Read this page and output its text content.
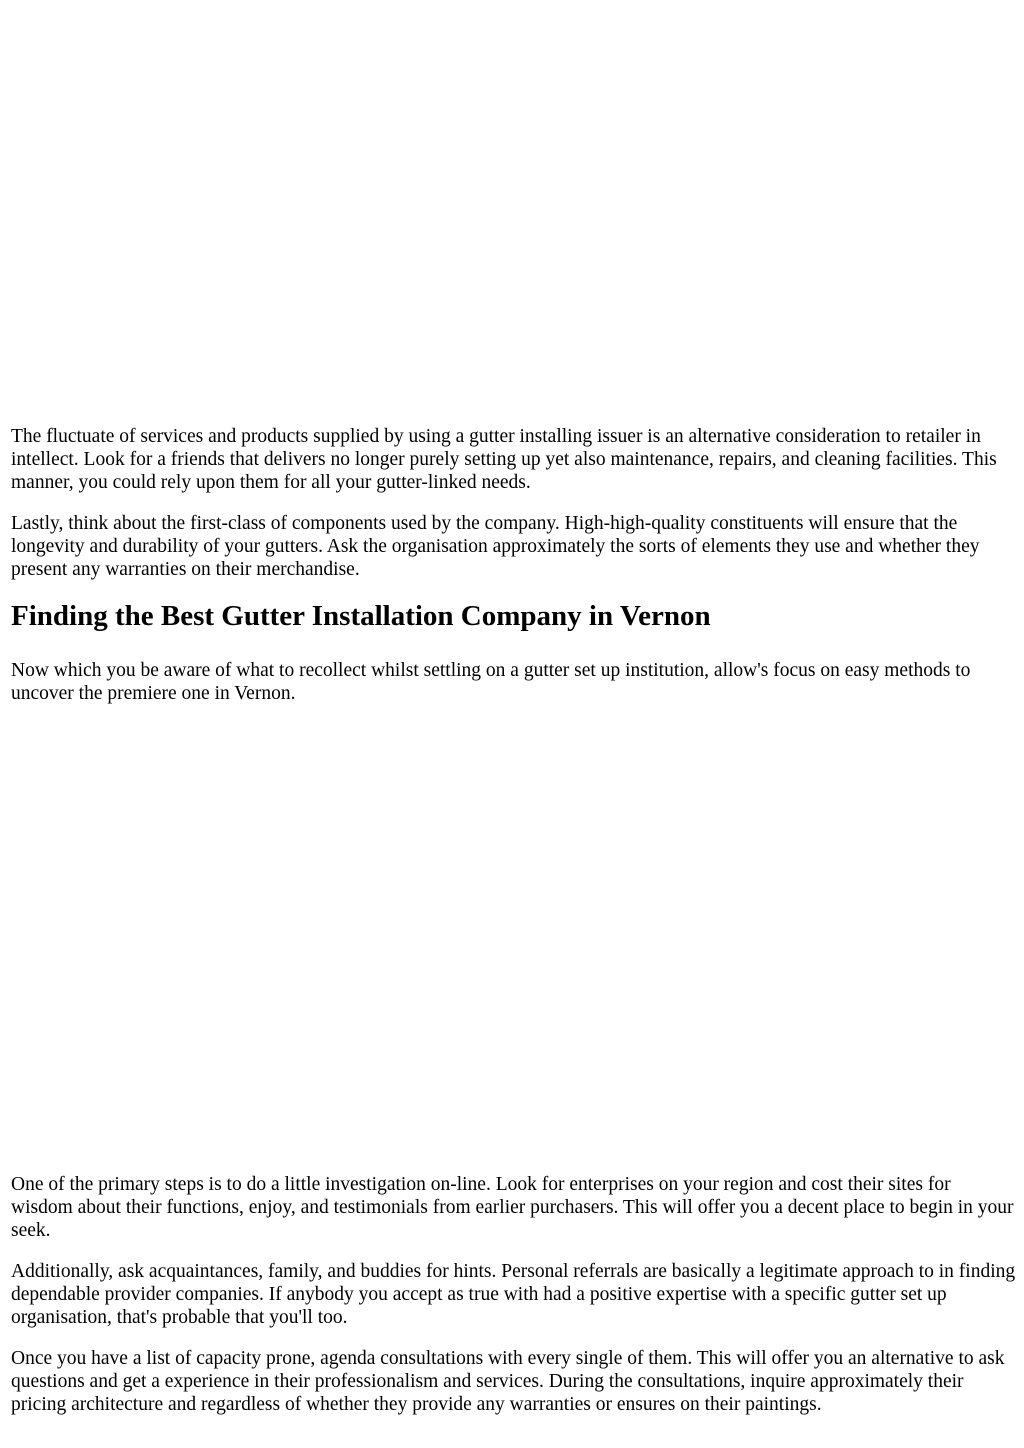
The fluctuate of services and products supplied by using a gutter installing issuer is an alternative consideration to retailer in intellect. Look for a friends that delivers no longer purely setting up yet also maintenance, repairs, and cleaning facilities. This manner, you could rely upon them for all your gutter-linked needs.

Lastly, think about the first-class of components used by the company. High-high-quality constituents will ensure that the longevity and durability of your gutters. Ask the organisation approximately the sorts of elements they use and whether they present any warranties on their merchandise.

Finding the Best Gutter Installation Company in Vernon

Now which you be aware of what to recollect whilst settling on a gutter set up institution, allow's focus on easy methods to uncover the premiere one in Vernon.

One of the primary steps is to do a little investigation on-line. Look for enterprises on your region and cost their sites for wisdom about their functions, enjoy, and testimonials from earlier purchasers. This will offer you a decent place to begin in your seek.

Additionally, ask acquaintances, family, and buddies for hints. Personal referrals are basically a legitimate approach to in finding dependable provider companies. If anybody you accept as true with had a positive expertise with a specific gutter set up organisation, that's probable that you'll too.

Once you have a list of capacity prone, agenda consultations with every single of them. This will offer you an alternative to ask questions and get a experience in their professionalism and services. During the consultations, inquire approximately their pricing architecture and regardless of whether they provide any warranties or ensures on their paintings.
